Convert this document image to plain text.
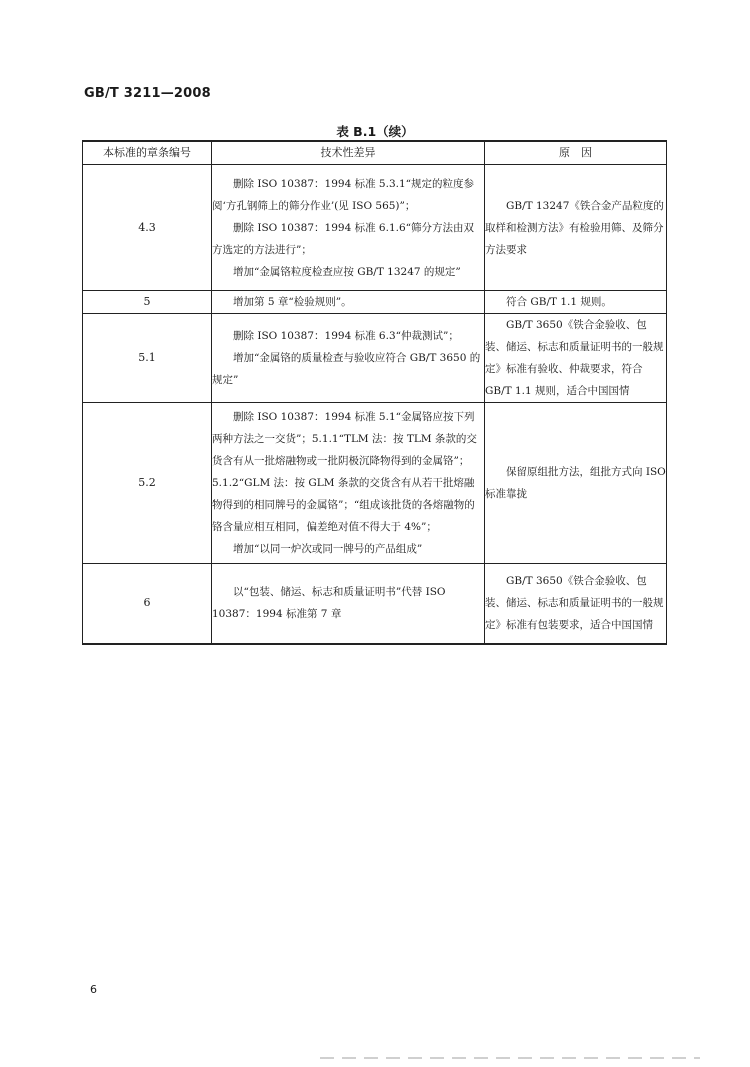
GB/T 3211—2008
表 B.1（续）
本标准的章条编号	技术性差异	原　因
4.3	删除 ISO 10387：1994 标准 5.3.1“规定的粒度参阅‘方孔钢筛上的筛分作业’(见 ISO 565)”；

删除 ISO 10387：1994 标准 6.1.6“筛分方法由双方选定的方法进行”；

增加“金属铬粒度检查应按 GB/T 13247 的规定”	GB/T 13247《铁合金产品粒度的取样和检测方法》有检验用筛、及筛分方法要求

5	增加第 5 章“检验规则”。	符合 GB/T 1.1 规则。

5.1	删除 ISO 10387：1994 标准 6.3“仲裁测试”；

增加“金属铬的质量检查与验收应符合 GB/T 3650 的规定”	GB/T 3650《铁合金验收、包装、储运、标志和质量证明书的一般规定》标准有验收、仲裁要求，符合 GB/T 1.1 规则，适合中国国情

5.2	删除 ISO 10387：1994 标准 5.1“金属铬应按下列两种方法之一交货”；5.1.1“TLM 法：按 TLM 条款的交货含有从一批熔融物或一批阴极沉降物得到的金属铬”；5.1.2“GLM 法：按 GLM 条款的交货含有从若干批熔融物得到的相同牌号的金属铬”；“组成该批货的各熔融物的铬含量应相互相同，偏差绝对值不得大于 4%”；

增加“以同一炉次或同一牌号的产品组成”	保留原组批方法，组批方式向 ISO 标准靠拢

6	以“包装、储运、标志和质量证明书”代替 ISO 10387：1994 标准第 7 章	GB/T 3650《铁合金验收、包装、储运、标志和质量证明书的一般规定》标准有包装要求，适合中国国情

6
